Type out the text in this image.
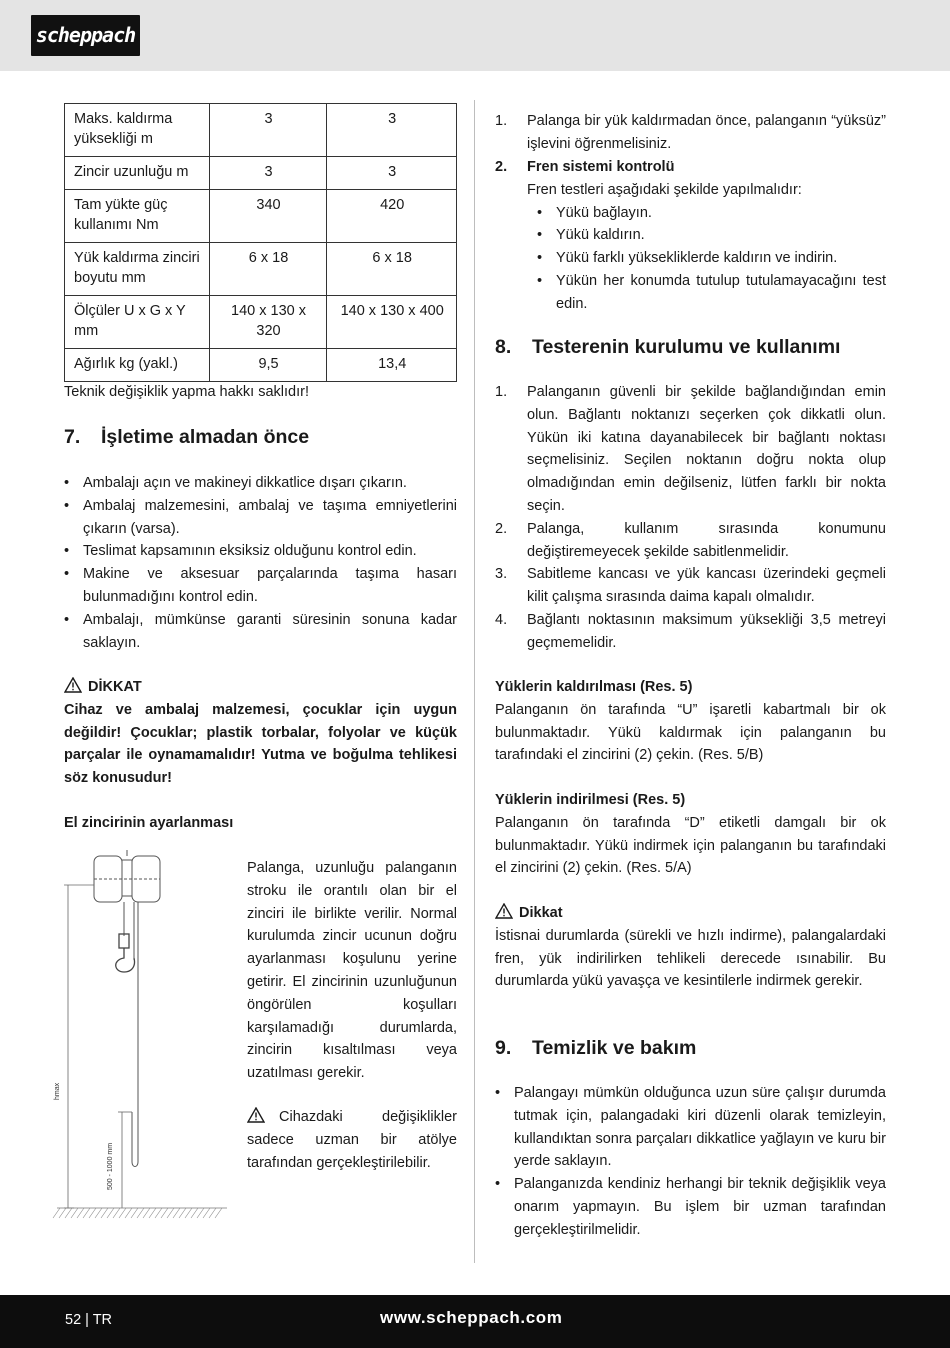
scheppach
Maks. kaldırma yüksekliği m	3	3
Zincir uzunluğu m	3	3
Tam yükte güç kullanımı Nm	340	420
Yük kaldırma zinciri boyutu mm	6 x 18	6 x 18
Ölçüler U x G x Y mm	140 x 130 x 320	140 x 130 x 400
Ağırlık kg (yakl.)	9,5	13,4
Teknik değişiklik yapma hakkı saklıdır!
7. İşletime almadan önce
• Ambalajı açın ve makineyi dikkatlice dışarı çıkarın.
• Ambalaj malzemesini, ambalaj ve taşıma emniyetlerini çıkarın (varsa).
• Teslimat kapsamının eksiksiz olduğunu kontrol edin.
• Makine ve aksesuar parçalarında taşıma hasarı bulunmadığını kontrol edin.
• Ambalajı, mümkünse garanti süresinin sonuna kadar saklayın.
DİKKAT
Cihaz ve ambalaj malzemesi, çocuklar için uygun değildir! Çocuklar; plastik torbalar, folyolar ve küçük parçalar ile oynamamalıdır! Yutma ve boğulma tehlikesi söz konusudur!
El zincirinin ayarlanması
hmax
500 - 1000 mm
Palanga, uzunluğu palanganın stroku ile orantılı olan bir el zinciri ile birlikte verilir. Normal kurulumda zincir ucunun doğru ayarlanması koşulunu yerine getirir. El zincirinin uzunluğunun öngörülen koşulları karşılamadığı durumlarda, zincirin kısaltılması veya uzatılması gerekir.
Cihazdaki değişiklikler sadece uzman bir atölye tarafından gerçekleştirilebilir.
1. Palanga bir yük kaldırmadan önce, palanganın “yüksüz” işlevini öğrenmelisiniz.
2. Fren sistemi kontrolü
Fren testleri aşağıdaki şekilde yapılmalıdır:
• Yükü bağlayın.
• Yükü kaldırın.
• Yükü farklı yüksekliklerde kaldırın ve indirin.
• Yükün her konumda tutulup tutulamayacağını test edin.
8. Testerenin kurulumu ve kullanımı
1. Palanganın güvenli bir şekilde bağlandığından emin olun. Bağlantı noktanızı seçerken çok dikkatli olun. Yükün iki katına dayanabilecek bir bağlantı noktası seçmelisiniz. Seçilen noktanın doğru nokta olup olmadığından emin değilseniz, lütfen farklı bir nokta seçin.
2. Palanga, kullanım sırasında konumunu değiştiremeyecek şekilde sabitlenmelidir.
3. Sabitleme kancası ve yük kancası üzerindeki geçmeli kilit çalışma sırasında daima kapalı olmalıdır.
4. Bağlantı noktasının maksimum yüksekliği 3,5 metreyi geçmemelidir.
Yüklerin kaldırılması (Res. 5)
Palanganın ön tarafında “U” işaretli kabartmalı bir ok bulunmaktadır. Yükü kaldırmak için palanganın bu tarafındaki el zincirini (2) çekin. (Res. 5/B)
Yüklerin indirilmesi (Res. 5)
Palanganın ön tarafında “D” etiketli damgalı bir ok bulunmaktadır. Yükü indirmek için palanganın bu tarafındaki el zincirini (2) çekin. (Res. 5/A)
Dikkat
İstisnai durumlarda (sürekli ve hızlı indirme), palangalardaki fren, yük indirilirken tehlikeli derecede ısınabilir. Bu durumlarda yükü yavaşça ve kesintilerle indirmek gerekir.
9. Temizlik ve bakım
• Palangayı mümkün olduğunca uzun süre çalışır durumda tutmak için, palangadaki kiri düzenli olarak temizleyin, kullandıktan sonra parçaları dikkatlice yağlayın ve kuru bir yerde saklayın.
• Palanganızda kendiniz herhangi bir teknik değişiklik veya onarım yapmayın. Bu işlem bir uzman tarafından gerçekleştirilmelidir.
52 | TR	www.scheppach.com
